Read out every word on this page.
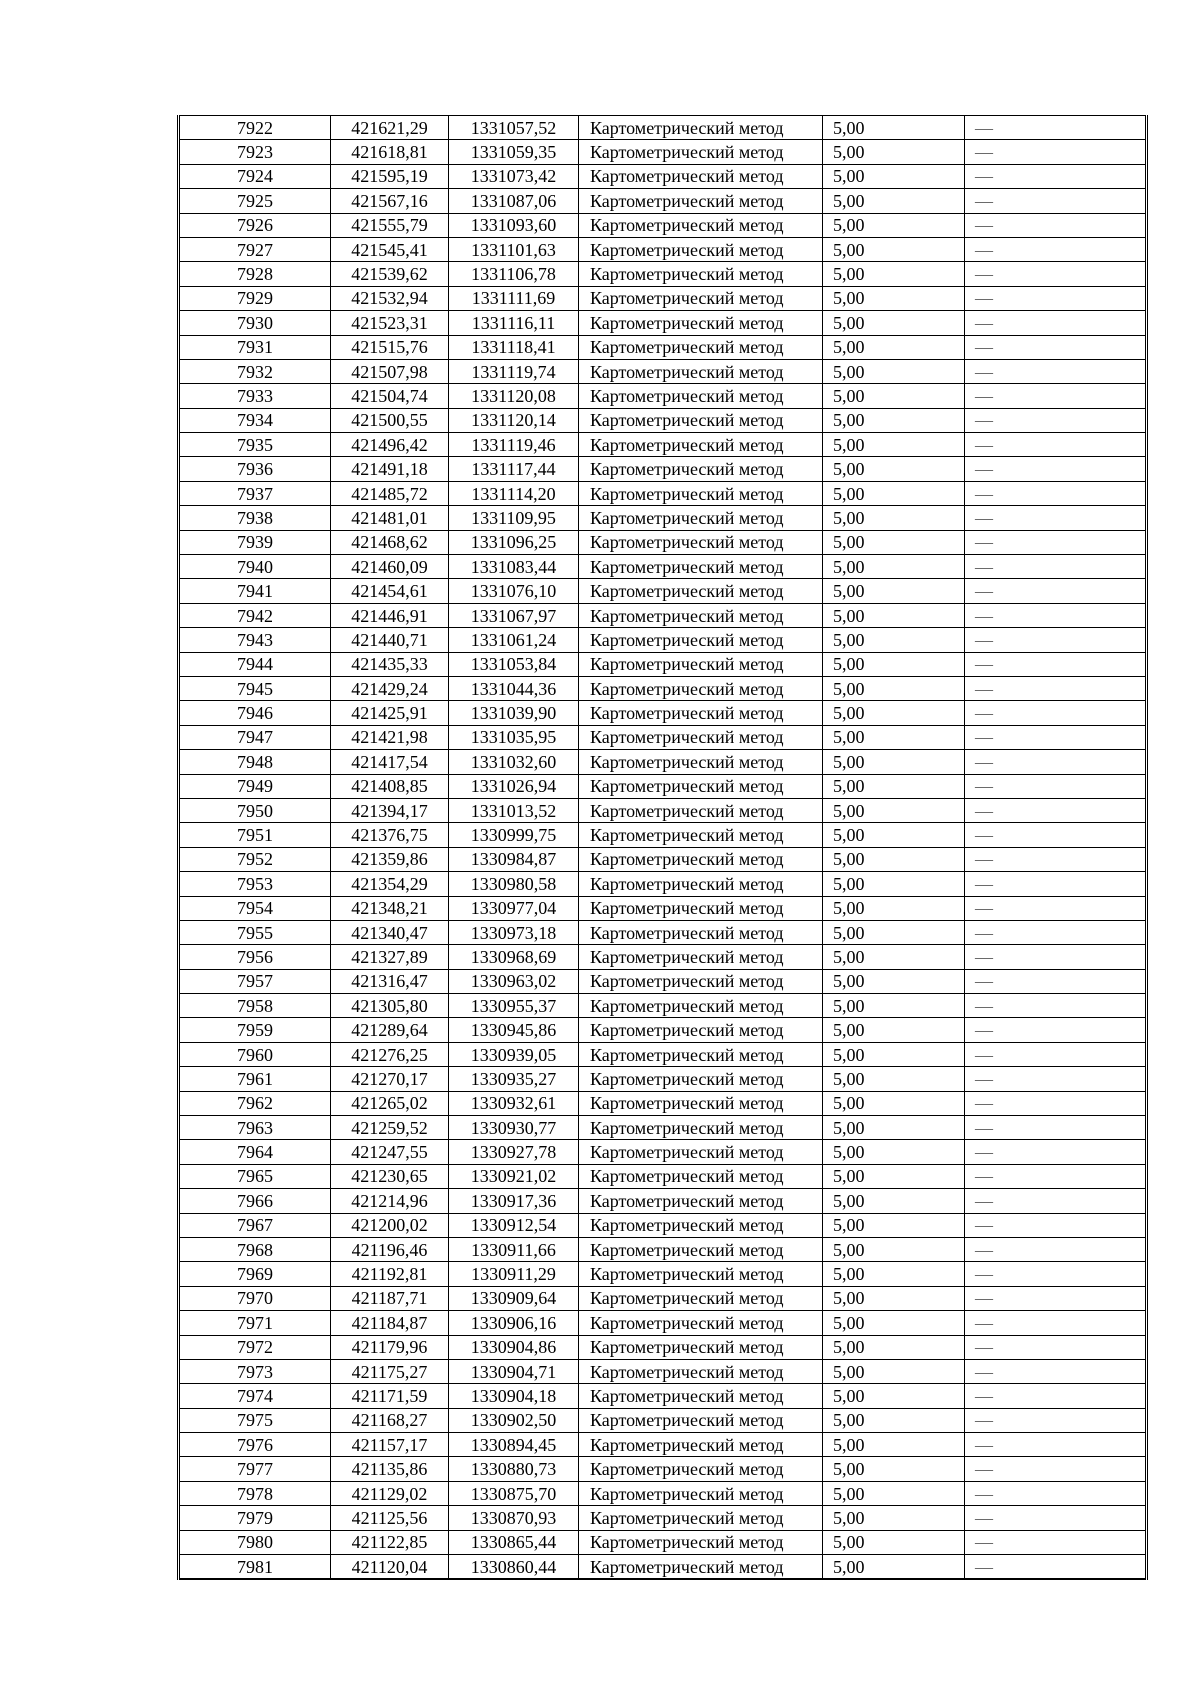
7922	421621,29	1331057,52	Картометрический метод	5,00	—
7923	421618,81	1331059,35	Картометрический метод	5,00	—
7924	421595,19	1331073,42	Картометрический метод	5,00	—
7925	421567,16	1331087,06	Картометрический метод	5,00	—
7926	421555,79	1331093,60	Картометрический метод	5,00	—
7927	421545,41	1331101,63	Картометрический метод	5,00	—
7928	421539,62	1331106,78	Картометрический метод	5,00	—
7929	421532,94	1331111,69	Картометрический метод	5,00	—
7930	421523,31	1331116,11	Картометрический метод	5,00	—
7931	421515,76	1331118,41	Картометрический метод	5,00	—
7932	421507,98	1331119,74	Картометрический метод	5,00	—
7933	421504,74	1331120,08	Картометрический метод	5,00	—
7934	421500,55	1331120,14	Картометрический метод	5,00	—
7935	421496,42	1331119,46	Картометрический метод	5,00	—
7936	421491,18	1331117,44	Картометрический метод	5,00	—
7937	421485,72	1331114,20	Картометрический метод	5,00	—
7938	421481,01	1331109,95	Картометрический метод	5,00	—
7939	421468,62	1331096,25	Картометрический метод	5,00	—
7940	421460,09	1331083,44	Картометрический метод	5,00	—
7941	421454,61	1331076,10	Картометрический метод	5,00	—
7942	421446,91	1331067,97	Картометрический метод	5,00	—
7943	421440,71	1331061,24	Картометрический метод	5,00	—
7944	421435,33	1331053,84	Картометрический метод	5,00	—
7945	421429,24	1331044,36	Картометрический метод	5,00	—
7946	421425,91	1331039,90	Картометрический метод	5,00	—
7947	421421,98	1331035,95	Картометрический метод	5,00	—
7948	421417,54	1331032,60	Картометрический метод	5,00	—
7949	421408,85	1331026,94	Картометрический метод	5,00	—
7950	421394,17	1331013,52	Картометрический метод	5,00	—
7951	421376,75	1330999,75	Картометрический метод	5,00	—
7952	421359,86	1330984,87	Картометрический метод	5,00	—
7953	421354,29	1330980,58	Картометрический метод	5,00	—
7954	421348,21	1330977,04	Картометрический метод	5,00	—
7955	421340,47	1330973,18	Картометрический метод	5,00	—
7956	421327,89	1330968,69	Картометрический метод	5,00	—
7957	421316,47	1330963,02	Картометрический метод	5,00	—
7958	421305,80	1330955,37	Картометрический метод	5,00	—
7959	421289,64	1330945,86	Картометрический метод	5,00	—
7960	421276,25	1330939,05	Картометрический метод	5,00	—
7961	421270,17	1330935,27	Картометрический метод	5,00	—
7962	421265,02	1330932,61	Картометрический метод	5,00	—
7963	421259,52	1330930,77	Картометрический метод	5,00	—
7964	421247,55	1330927,78	Картометрический метод	5,00	—
7965	421230,65	1330921,02	Картометрический метод	5,00	—
7966	421214,96	1330917,36	Картометрический метод	5,00	—
7967	421200,02	1330912,54	Картометрический метод	5,00	—
7968	421196,46	1330911,66	Картометрический метод	5,00	—
7969	421192,81	1330911,29	Картометрический метод	5,00	—
7970	421187,71	1330909,64	Картометрический метод	5,00	—
7971	421184,87	1330906,16	Картометрический метод	5,00	—
7972	421179,96	1330904,86	Картометрический метод	5,00	—
7973	421175,27	1330904,71	Картометрический метод	5,00	—
7974	421171,59	1330904,18	Картометрический метод	5,00	—
7975	421168,27	1330902,50	Картометрический метод	5,00	—
7976	421157,17	1330894,45	Картометрический метод	5,00	—
7977	421135,86	1330880,73	Картометрический метод	5,00	—
7978	421129,02	1330875,70	Картометрический метод	5,00	—
7979	421125,56	1330870,93	Картометрический метод	5,00	—
7980	421122,85	1330865,44	Картометрический метод	5,00	—
7981	421120,04	1330860,44	Картометрический метод	5,00	—
